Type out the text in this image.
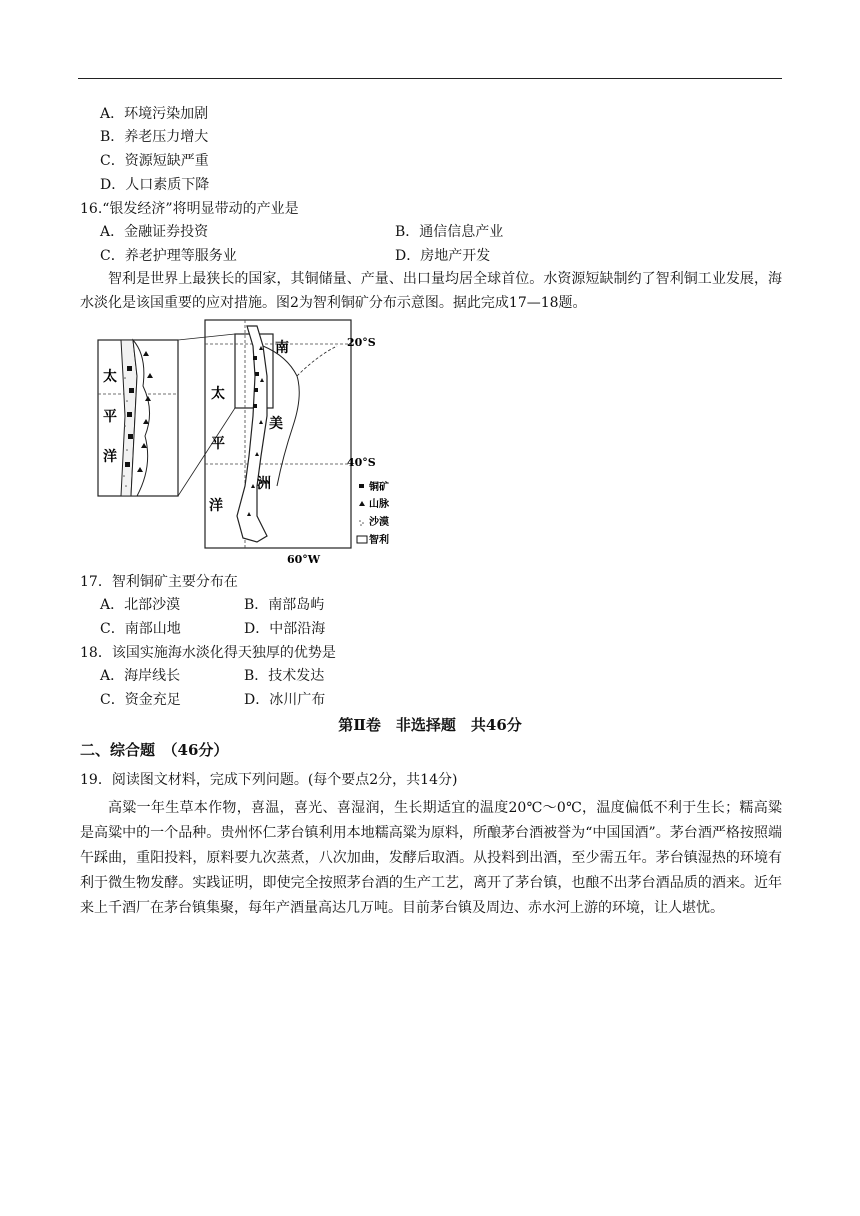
A．环境污染加剧
B．养老压力增大
C．资源短缺严重
D．人口素质下降
16.“银发经济”将明显带动的产业是
A．金融证券投资	B．通信信息产业
C．养老护理等服务业	D．房地产开发
智利是世界上最狭长的国家，其铜储量、产量、出口量均居全球首位。水资源短缺制约了智利铜工业发展，海水淡化是该国重要的应对措施。图2为智利铜矿分布示意图。据此完成17—18题。
太
平
洋
南
美
洲
太
平
洋
20°S
40°S
60°W
铜矿
山脉
沙漠
智利
17．智利铜矿主要分布在
A．北部沙漠	B．南部岛屿
C．南部山地	D．中部沿海
18．该国实施海水淡化得天独厚的优势是
A．海岸线长	B．技术发达
C．资金充足	D．冰川广布
第Ⅱ卷　非选择题　共46分
二、综合题　（46分）
19．阅读图文材料，完成下列问题。(每个要点2分，共14分)
高粱一年生草本作物，喜温，喜光、喜湿润，生长期适宜的温度20℃～0℃，温度偏低不利于生长；糯高粱是高粱中的一个品种。贵州怀仁茅台镇利用本地糯高粱为原料，所酿茅台酒被誉为“中国国酒”。茅台酒严格按照端午踩曲，重阳投料，原料要九次蒸煮，八次加曲，发酵后取酒。从投料到出酒，至少需五年。茅台镇湿热的环境有利于微生物发酵。实践证明，即使完全按照茅台酒的生产工艺，离开了茅台镇，也酿不出茅台酒品质的酒来。近年来上千酒厂在茅台镇集聚，每年产酒量高达几万吨。目前茅台镇及周边、赤水河上游的环境，让人堪忧。
